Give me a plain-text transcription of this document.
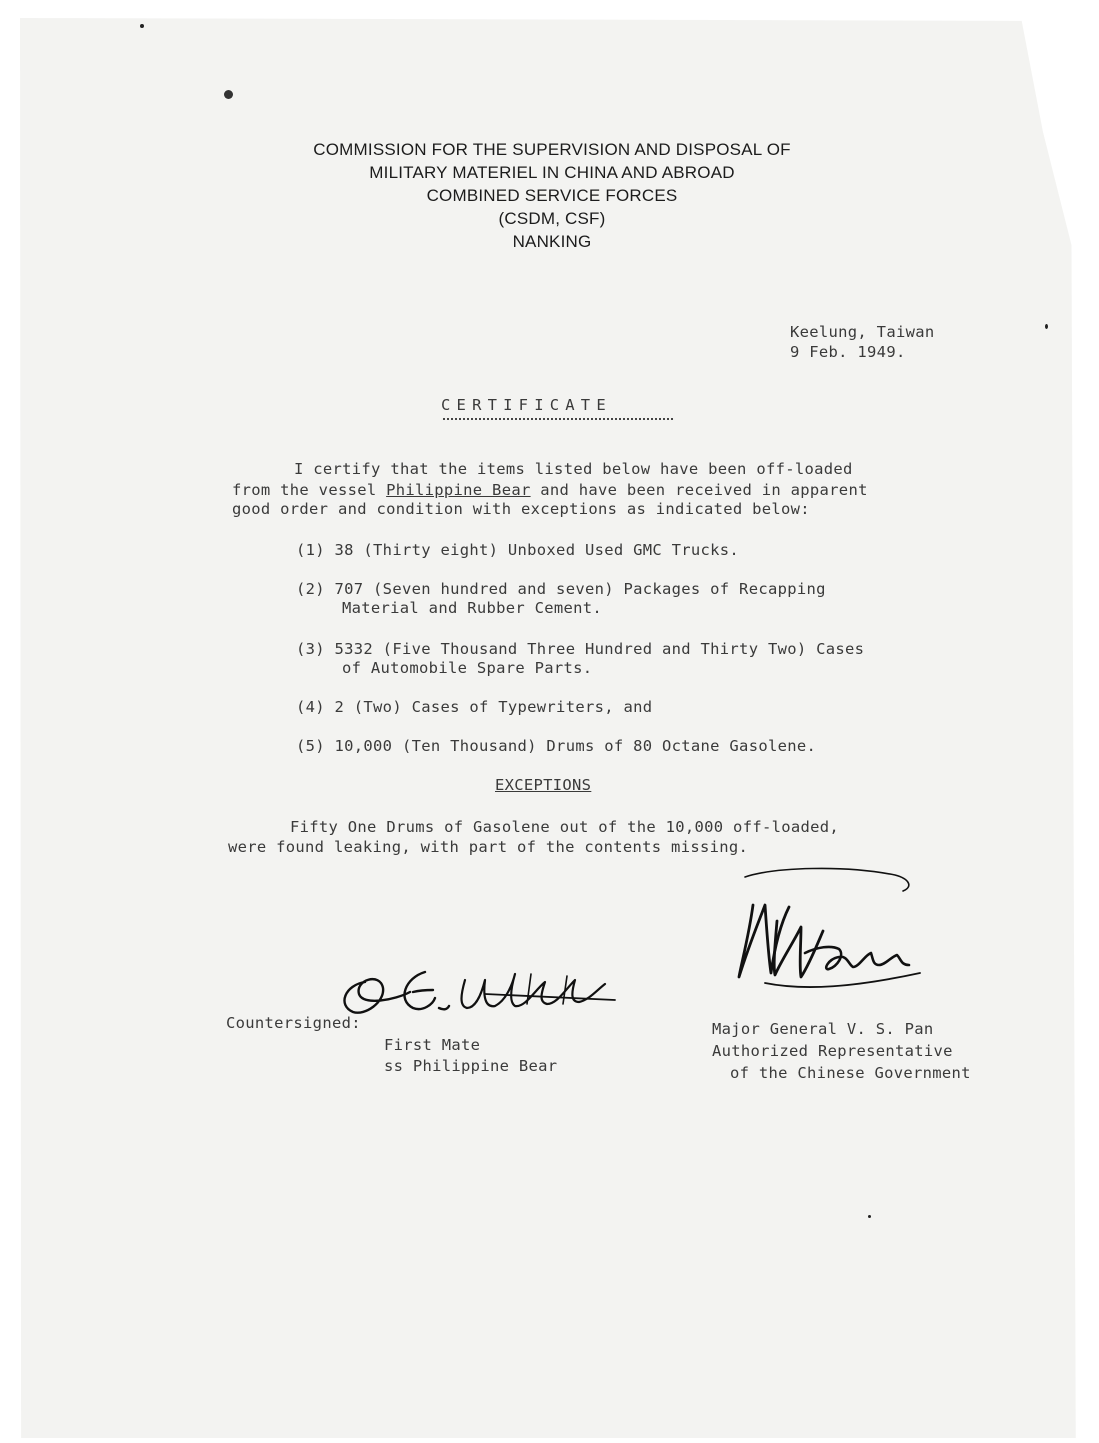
COMMISSION FOR THE SUPERVISION AND DISPOSAL OF
MILITARY MATERIEL IN CHINA AND ABROAD
COMBINED SERVICE FORCES
(CSDM, CSF)
NANKING
Keelung, Taiwan
9 Feb. 1949.
CERTIFICATE
I certify that the items listed below have been off-loaded
from the vessel Philippine Bear and have been received in apparent
good order and condition with exceptions as indicated below:
(1) 38 (Thirty eight) Unboxed Used GMC Trucks.
(2) 707 (Seven hundred and seven) Packages of Recapping
Material and Rubber Cement.
(3) 5332 (Five Thousand Three Hundred and Thirty Two) Cases
of Automobile Spare Parts.
(4) 2 (Two) Cases of Typewriters, and
(5) 10,000 (Ten Thousand) Drums of 80 Octane Gasolene.
EXCEPTIONS
Fifty One Drums of Gasolene out of the 10,000 off-loaded,
were found leaking, with part of the contents missing.
Countersigned:
First Mate
ss Philippine Bear
Major General V. S. Pan
Authorized Representative
of the Chinese Government
